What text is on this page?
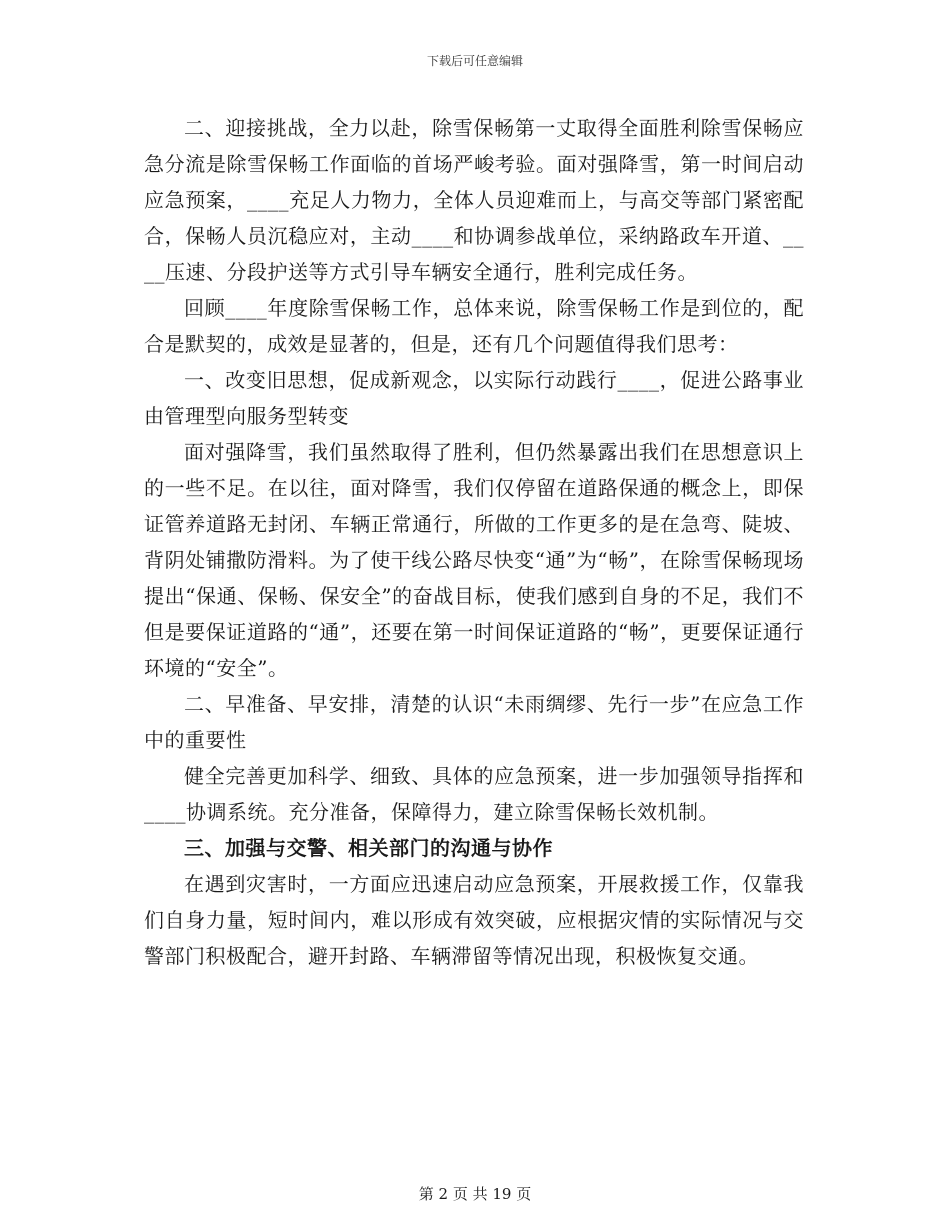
下载后可任意编辑

二、迎接挑战，全力以赴，除雪保畅第一丈取得全面胜利除雪保畅应急分流是除雪保畅工作面临的首场严峻考验。面对强降雪，第一时间启动应急预案，____充足人力物力，全体人员迎难而上，与高交等部门紧密配合，保畅人员沉稳应对，主动____和协调参战单位，采纳路政车开道、____压速、分段护送等方式引导车辆安全通行，胜利完成任务。

回顾____年度除雪保畅工作，总体来说，除雪保畅工作是到位的，配合是默契的，成效是显著的，但是，还有几个问题值得我们思考：

一、改变旧思想，促成新观念，以实际行动践行____，促进公路事业由管理型向服务型转变

面对强降雪，我们虽然取得了胜利，但仍然暴露出我们在思想意识上的一些不足。在以往，面对降雪，我们仅停留在道路保通的概念上，即保证管养道路无封闭、车辆正常通行，所做的工作更多的是在急弯、陡坡、背阴处铺撒防滑料。为了使干线公路尽快变“通”为“畅”，在除雪保畅现场提出“保通、保畅、保安全”的奋战目标，使我们感到自身的不足，我们不但是要保证道路的“通”，还要在第一时间保证道路的“畅”，更要保证通行环境的“安全”。

二、早准备、早安排，清楚的认识“未雨绸缪、先行一步”在应急工作中的重要性

健全完善更加科学、细致、具体的应急预案，进一步加强领导指挥和____协调系统。充分准备，保障得力，建立除雪保畅长效机制。

三、加强与交警、相关部门的沟通与协作

在遇到灾害时，一方面应迅速启动应急预案，开展救援工作，仅靠我们自身力量，短时间内，难以形成有效突破，应根据灾情的实际情况与交警部门积极配合，避开封路、车辆滞留等情况出现，积极恢复交通。

第 2 页 共 19 页
